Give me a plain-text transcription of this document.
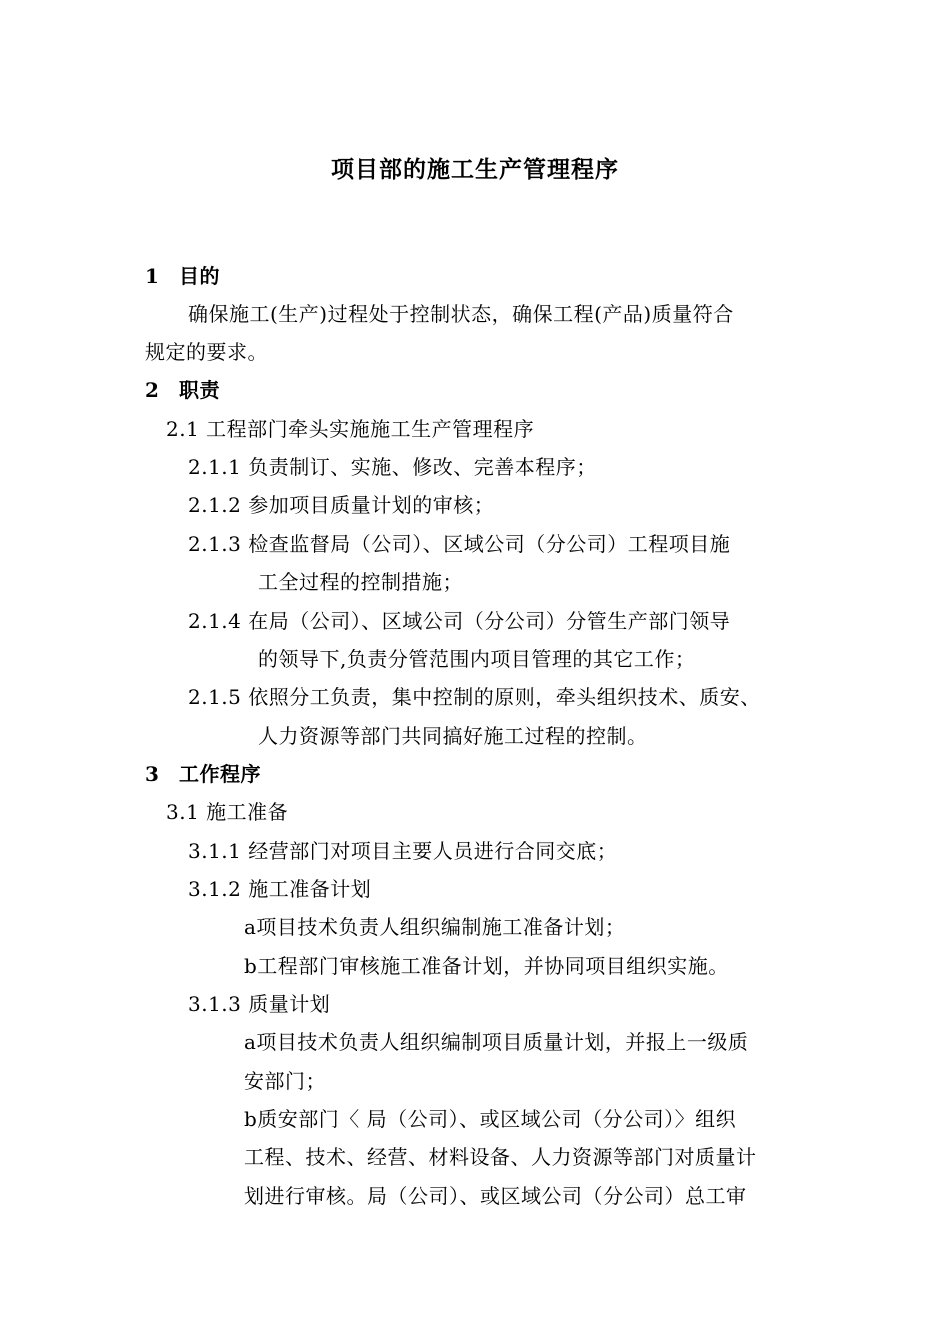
项目部的施工生产管理程序
1 目的
确保施工(生产)过程处于控制状态，确保工程(产品)质量符合
规定的要求。
2 职责
2.1 工程部门牵头实施施工生产管理程序
2.1.1 负责制订、实施、修改、完善本程序；
2.1.2 参加项目质量计划的审核；
2.1.3 检查监督局（公司）、区域公司（分公司）工程项目施
工全过程的控制措施；
2.1.4 在局（公司）、区域公司（分公司）分管生产部门领导
的领导下,负责分管范围内项目管理的其它工作；
2.1.5 依照分工负责，集中控制的原则，牵头组织技术、质安、
人力资源等部门共同搞好施工过程的控制。
3 工作程序
3.1 施工准备
3.1.1 经营部门对项目主要人员进行合同交底；
3.1.2 施工准备计划
a项目技术负责人组织编制施工准备计划；
b工程部门审核施工准备计划，并协同项目组织实施。
3.1.3 质量计划
a项目技术负责人组织编制项目质量计划，并报上一级质
安部门；
b质安部门〈 局（公司）、或区域公司（分公司）〉组织
工程、技术、经营、材料设备、人力资源等部门对质量计
划进行审核。局（公司）、或区域公司（分公司）总工审
